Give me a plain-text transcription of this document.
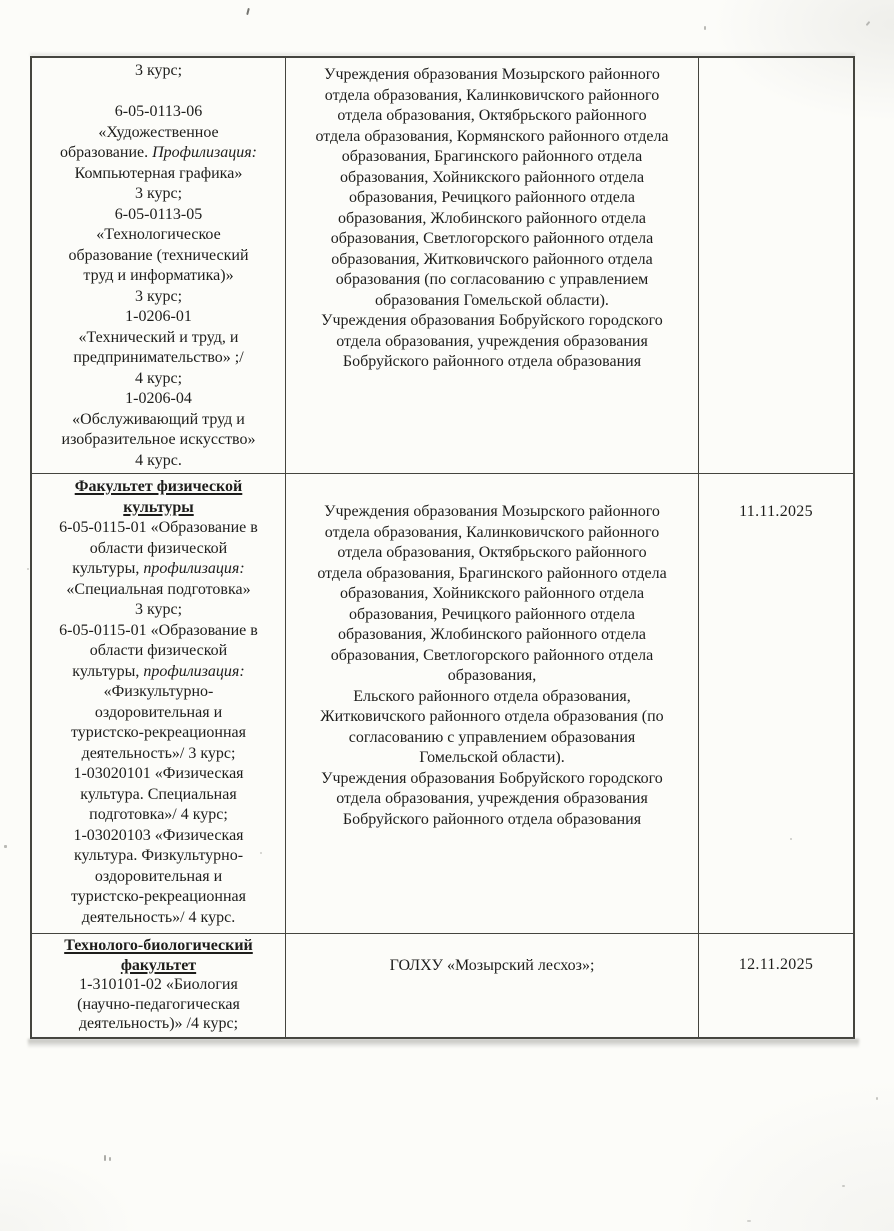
3 курс;
6-05-0113-06
«Художественное
образование. Профилизация:
Компьютерная графика»
3 курс;
6-05-0113-05
«Технологическое
образование (технический
труд и информатика)»
3 курс;
1-0206-01
«Технический и труд, и
предпринимательство» ;/
4 курс;
1-0206-04
«Обслуживающий труд и
изобразительное искусство»
4 курс.
Учреждения образования Мозырского районного
отдела образования, Калинковичского районного
отдела образования, Октябрьского районного
отдела образования, Кормянского районного отдела
образования, Брагинского районного отдела
образования, Хойникского районного отдела
образования, Речицкого районного отдела
образования, Жлобинского районного отдела
образования, Светлогорского районного отдела
образования, Житковичского районного отдела
образования (по согласованию с управлением
образования Гомельской области).
Учреждения образования Бобруйского городского
отдела образования, учреждения образования
Бобруйского районного отдела образования
Факультет физической
культуры
6-05-0115-01 «Образование в
области физической
культуры, профилизация:
«Специальная подготовка»
3 курс;
6-05-0115-01 «Образование в
области физической
культуры, профилизация:
«Физкультурно-
оздоровительная и
туристско-рекреационная
деятельность»/ 3 курс;
1-03020101 «Физическая
культура. Специальная
подготовка»/ 4 курс;
1-03020103 «Физическая
культура. Физкультурно-
оздоровительная и
туристско-рекреационная
деятельность»/ 4 курс.
Учреждения образования Мозырского районного
отдела образования, Калинковичского районного
отдела образования, Октябрьского районного
отдела образования, Брагинского районного отдела
образования, Хойникского районного отдела
образования, Речицкого районного отдела
образования, Жлобинского районного отдела
образования, Светлогорского районного отдела
образования,
Ельского районного отдела образования,
Житковичского районного отдела образования (по
согласованию с управлением образования
Гомельской области).
Учреждения образования Бобруйского городского
отдела образования, учреждения образования
Бобруйского районного отдела образования
11.11.2025
Технолого-биологический
факультет
1-310101-02 «Биология
(научно-педагогическая
деятельность)» /4 курс;
ГОЛХУ «Мозырский лесхоз»;	12.11.2025
